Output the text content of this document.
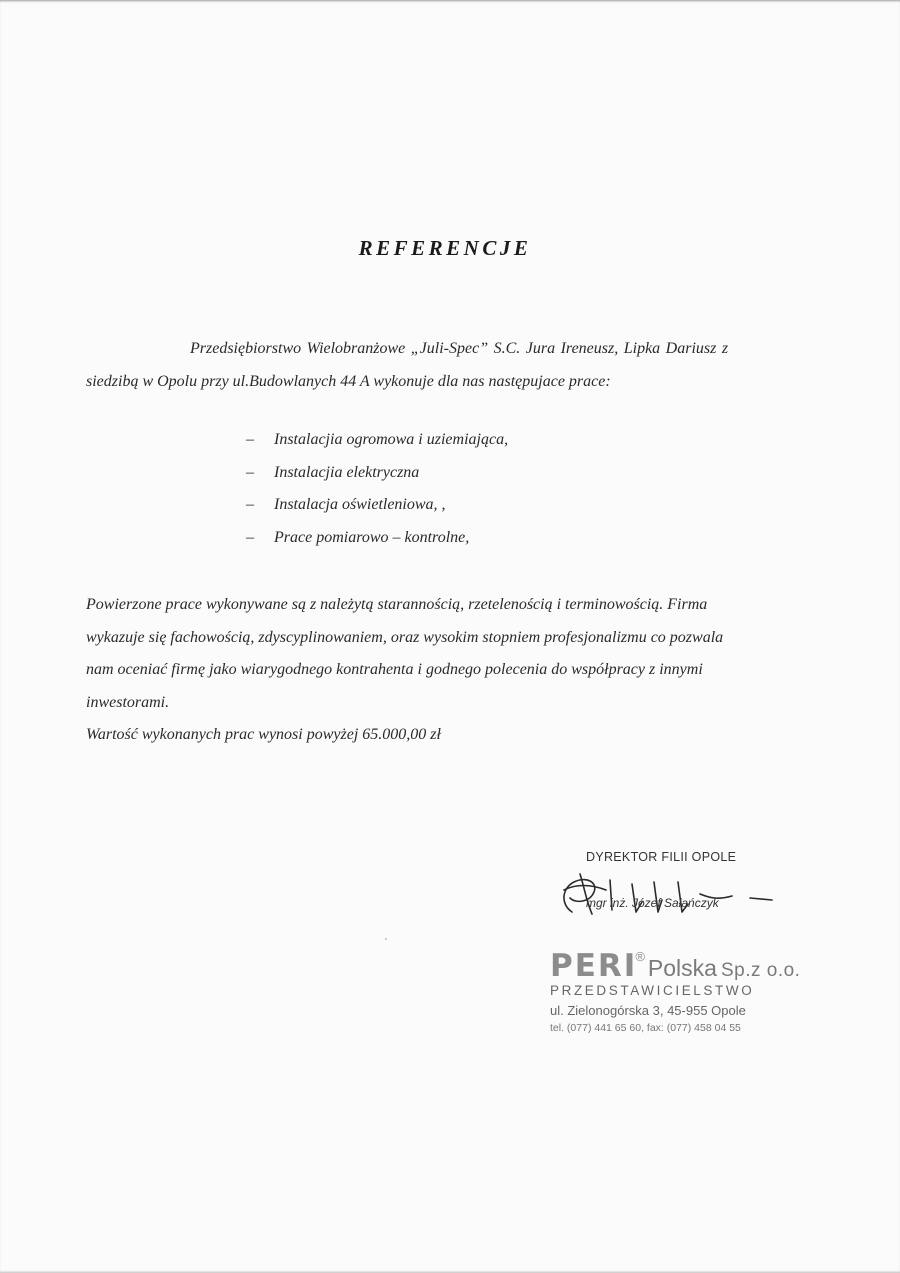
REFERENCJE
Przedsiębiorstwo Wielobranżowe „Juli-Spec” S.C. Jura Ireneusz, Lipka Dariusz z
siedzibą w Opolu przy ul.Budowlanych 44 A wykonuje dla nas następujace prace:
– Instalacjia ogromowa i uziemiająca,
– Instalacjia elektryczna
– Instalacja oświetleniowa, ,
– Prace pomiarowo – kontrolne,

Powierzone prace wykonywane są z należytą starannością, rzetelenością i terminowością. Firma

wykazuje się fachowością, zdyscyplinowaniem, oraz wysokim stopniem profesjonalizmu co pozwala

nam oceniać firmę jako wiarygodnego kontrahenta i godnego polecenia do współpracy z innymi

inwestorami.

Wartość wykonanych prac wynosi powyżej 65.000,00 zł

DYREKTOR FILII OPOLE
mgr inż. Józef Sałańczyk
PERI® Polska Sp.z o.o.
PRZEDSTAWICIELSTWO
ul. Zielonogórska 3, 45-955 Opole
tel. (077) 441 65 60, fax: (077) 458 04 55
